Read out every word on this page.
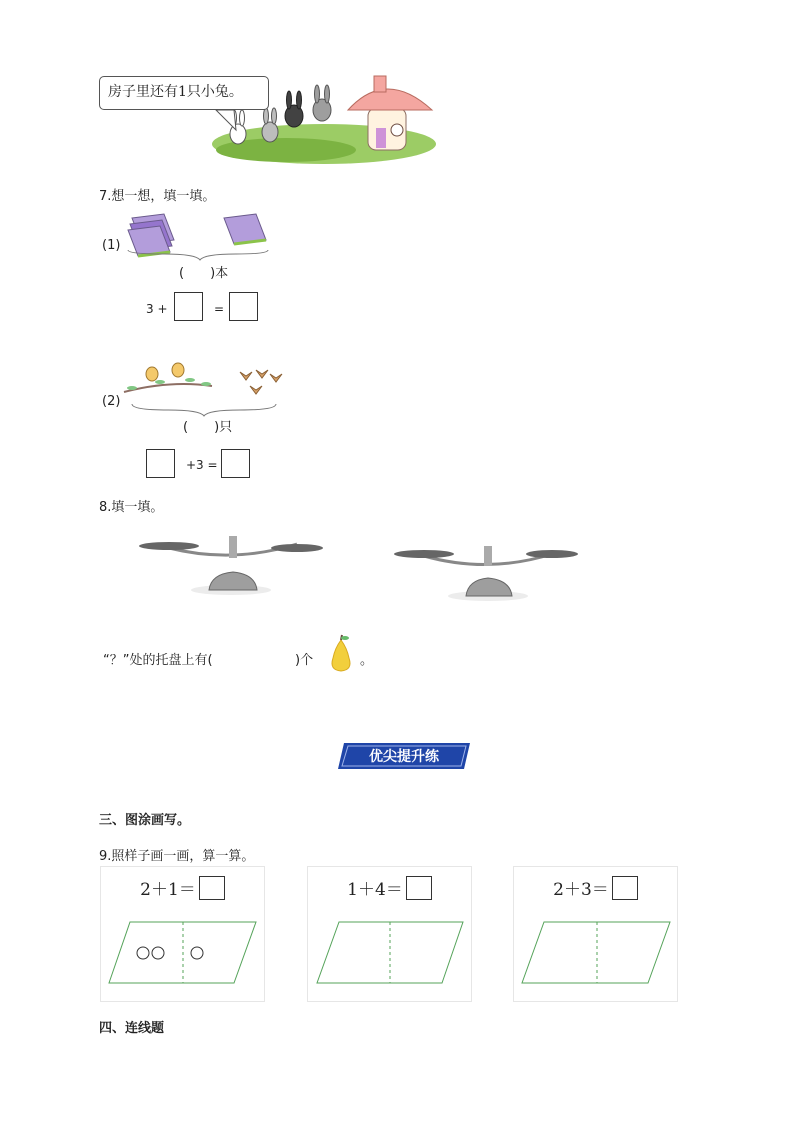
房子里还有1只小兔。
7.想一想，填一填。
(1)
(　　)本
3 +	=
(2)
(　　)只
+3 =
8.填一填。
“？”处的托盘上有(	)个	。
优尖提升练
三、图涂画写。
9.照样子画一画，算一算。
2＋1＝	1＋4＝	2＋3＝
四、连线题
